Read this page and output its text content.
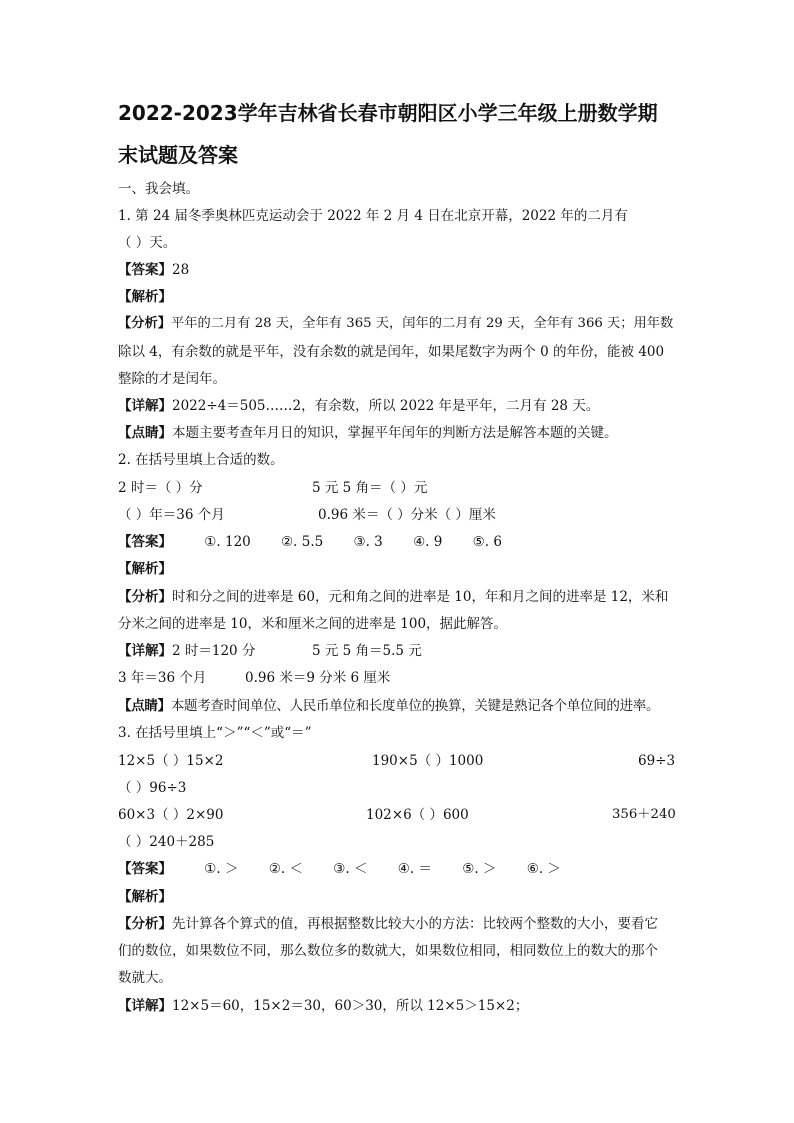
2022-2023学年吉林省长春市朝阳区小学三年级上册数学期
末试题及答案
一、我会填。
1. 第 24 届冬季奥林匹克运动会于 2022 年 2 月 4 日在北京开幕，2022 年的二月有
（ ）天。
【答案】28
【解析】
【分析】平年的二月有 28 天，全年有 365 天，闰年的二月有 29 天，全年有 366 天；用年数
除以 4，有余数的就是平年，没有余数的就是闰年，如果尾数字为两个 0 的年份，能被 400
整除的才是闰年。
【详解】2022÷4＝505……2，有余数，所以 2022 年是平年，二月有 28 天。
【点睛】本题主要考查年月日的知识，掌握平年闰年的判断方法是解答本题的关键。
2. 在括号里填上合适的数。
2 时＝（ ）分	5 元 5 角＝（ ）元
（ ）年＝36 个月	0.96 米＝（ ）分米（ ）厘米
【答案】 ①. 120 ②. 5.5 ③. 3 ④. 9 ⑤. 6
【解析】
【分析】时和分之间的进率是 60，元和角之间的进率是 10，年和月之间的进率是 12，米和
分米之间的进率是 10，米和厘米之间的进率是 100，据此解答。
【详解】2 时＝120 分	5 元 5 角＝5.5 元
3 年＝36 个月	0.96 米＝9 分米 6 厘米
【点睛】本题考查时间单位、人民币单位和长度单位的换算，关键是熟记各个单位间的进率。
3. 在括号里填上“＞”“＜”或“＝”
12×5（ ）15×2	190×5（ ）1000	69÷3
（ ）96÷3
60×3（ ）2×90	102×6（ ）600	356＋240
（ ）240＋285
【答案】 ①. ＞ ②. ＜ ③. ＜ ④. ＝ ⑤. ＞ ⑥. ＞
【解析】
【分析】先计算各个算式的值，再根据整数比较大小的方法：比较两个整数的大小，要看它
们的数位，如果数位不同，那么数位多的数就大，如果数位相同，相同数位上的数大的那个
数就大。
【详解】12×5＝60，15×2＝30，60＞30，所以 12×5＞15×2；
